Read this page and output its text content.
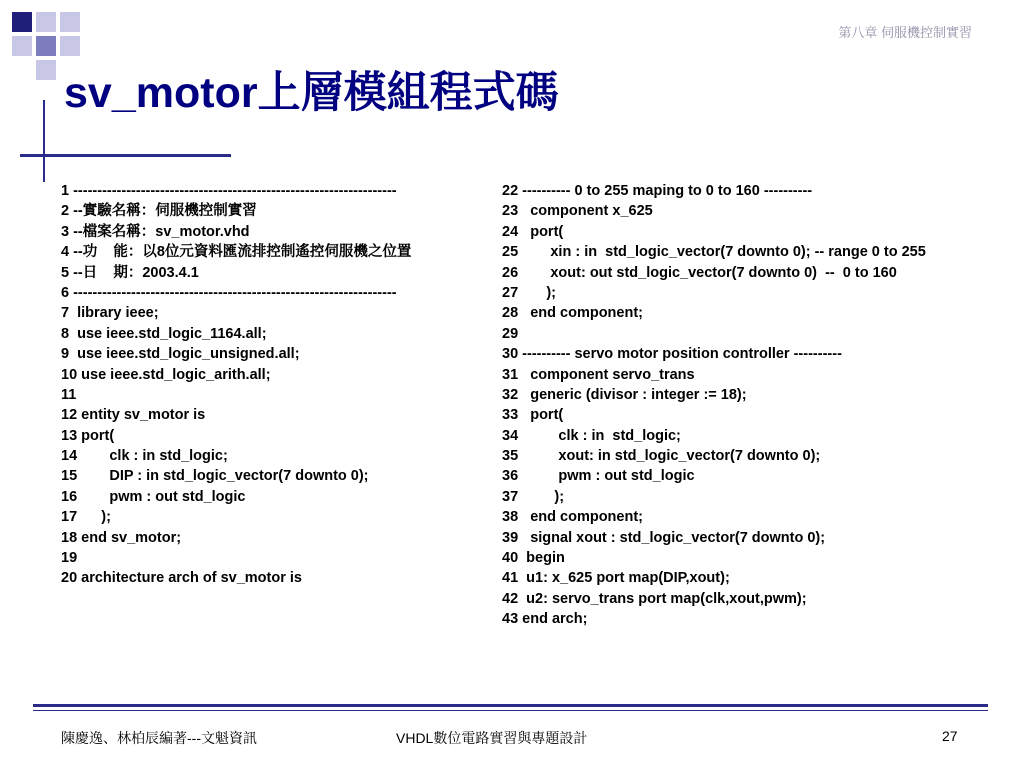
第八章 伺服機控制實習
sv_motor上層模組程式碼
1 -------------------------------------------------------------------
2 --實驗名稱：伺服機控制實習
3 --檔案名稱：sv_motor.vhd
4 --功    能：以8位元資料匯流排控制遙控伺服機之位置
5 --日    期：2003.4.1
6 -------------------------------------------------------------------
7  library ieee;
8  use ieee.std_logic_1164.all;
9  use ieee.std_logic_unsigned.all;
10 use ieee.std_logic_arith.all;
11
12 entity sv_motor is
13 port(
14        clk : in std_logic;
15        DIP : in std_logic_vector(7 downto 0);
16        pwm : out std_logic
17      );
18 end sv_motor;
19
20 architecture arch of sv_motor is
22 ---------- 0 to 255 maping to 0 to 160 ----------
23   component x_625
24   port(
25        xin : in  std_logic_vector(7 downto 0); -- range 0 to 255
26        xout: out std_logic_vector(7 downto 0)  --  0 to 160
27       );
28   end component;
29
30 ---------- servo motor position controller ----------
31   component servo_trans
32   generic (divisor : integer := 18);
33   port(
34          clk : in  std_logic;
35          xout: in std_logic_vector(7 downto 0);
36          pwm : out std_logic
37         );
38   end component;
39   signal xout : std_logic_vector(7 downto 0);
40  begin
41  u1: x_625 port map(DIP,xout);
42  u2: servo_trans port map(clk,xout,pwm);
43 end arch;
陳慶逸、林柏辰編著---文魁資訊	VHDL數位電路實習與專題設計	27
